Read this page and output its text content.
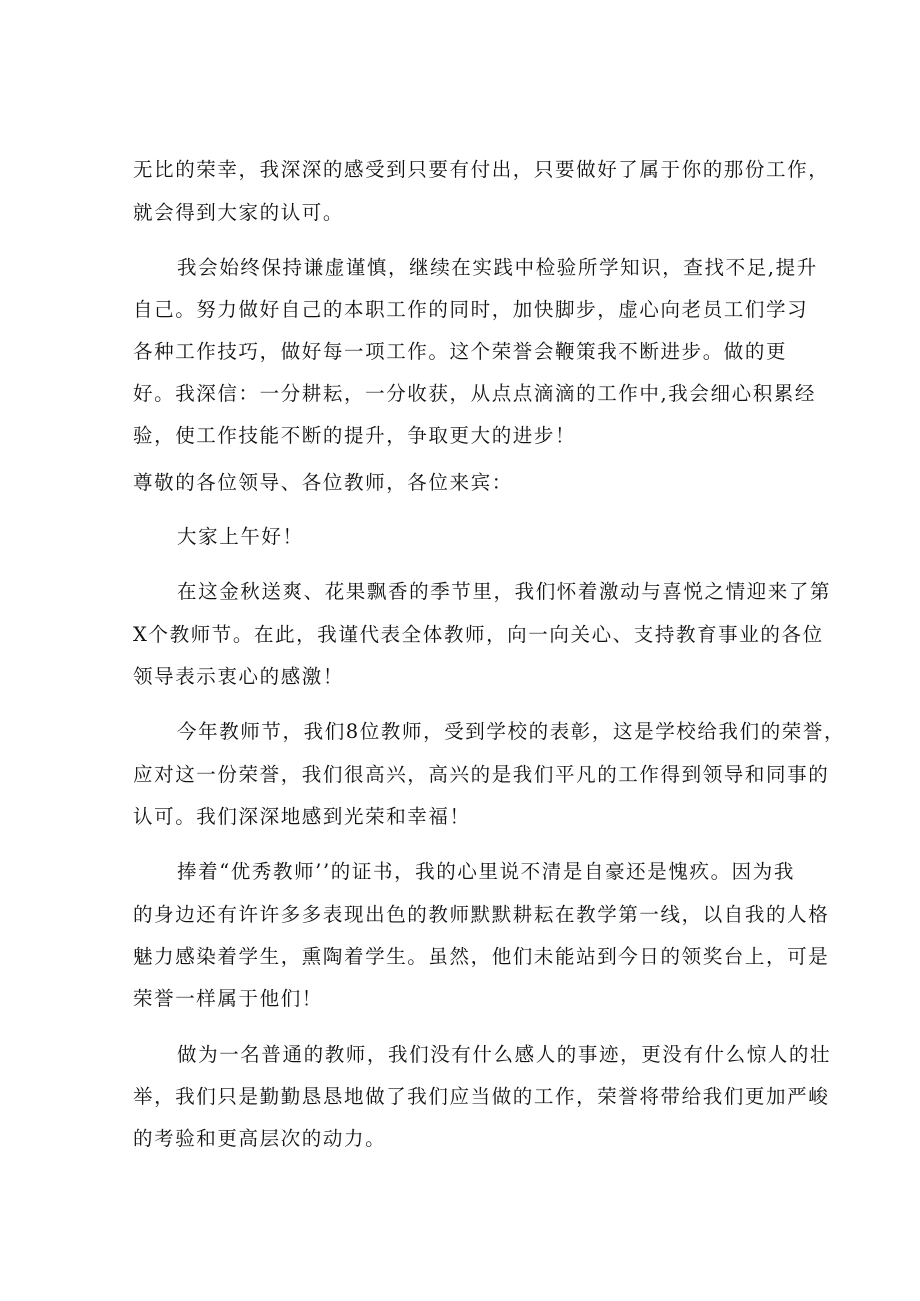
无比的荣幸，我深深的感受到只要有付出，只要做好了属于你的那份工作，
就会得到大家的认可。
我会始终保持谦虚谨慎，继续在实践中检验所学知识，查找不足,提升
自己。努力做好自己的本职工作的同时，加快脚步，虚心向老员工们学习
各种工作技巧，做好每一项工作。这个荣誉会鞭策我不断进步。做的更
好。我深信：一分耕耘，一分收获，从点点滴滴的工作中,我会细心积累经
验，使工作技能不断的提升，争取更大的进步！
尊敬的各位领导、各位教师，各位来宾：
大家上午好！
在这金秋送爽、花果飘香的季节里，我们怀着激动与喜悦之情迎来了第
X个教师节。在此，我谨代表全体教师，向一向关心、支持教育事业的各位
领导表示衷心的感激！
今年教师节，我们8位教师，受到学校的表彰，这是学校给我们的荣誉，
应对这一份荣誉，我们很高兴，高兴的是我们平凡的工作得到领导和同事的
认可。我们深深地感到光荣和幸福！
捧着“优秀教师’’的证书，我的心里说不清是自豪还是愧疚。因为我
的身边还有许许多多表现出色的教师默默耕耘在教学第一线，以自我的人格
魅力感染着学生，熏陶着学生。虽然，他们未能站到今日的领奖台上，可是
荣誉一样属于他们！
做为一名普通的教师，我们没有什么感人的事迹，更没有什么惊人的壮
举，我们只是勤勤恳恳地做了我们应当做的工作，荣誉将带给我们更加严峻
的考验和更高层次的动力。
